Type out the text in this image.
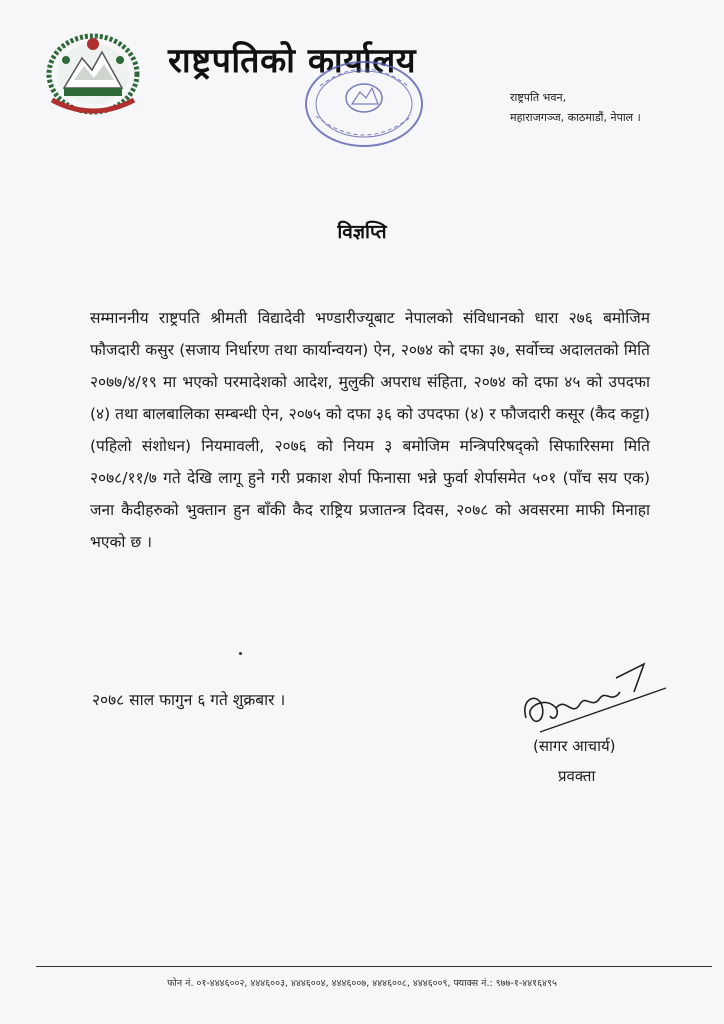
राष्ट्रपतिको कार्यालय
राष्ट्रपति भवन,
महाराजगञ्ज, काठमाडौं, नेपाल ।
विज्ञप्ति
सम्माननीय राष्ट्रपति श्रीमती विद्यादेवी भण्डारीज्यूबाट नेपालको संविधानको धारा २७६ बमोजिम फौजदारी कसुर (सजाय निर्धारण तथा कार्यान्वयन) ऐन, २०७४ को दफा ३७, सर्वोच्च अदालतको मिति २०७७/४/१९ मा भएको परमादेशको आदेश, मुलुकी अपराध संहिता, २०७४ को दफा ४५ को उपदफा (४) तथा बालबालिका सम्बन्धी ऐन, २०७५ को दफा ३६ को उपदफा (४) र फौजदारी कसूर (कैद कट्टा) (पहिलो संशोधन) नियमावली, २०७६ को नियम ३ बमोजिम मन्त्रिपरिषद्को सिफारिसमा मिति २०७८/११/७ गते देखि लागू हुने गरी प्रकाश शेर्पा फिनासा भन्ने फुर्वा शेर्पासमेत ५०१ (पाँच सय एक) जना कैदीहरुको भुक्तान हुन बाँकी कैद राष्ट्रिय प्रजातन्त्र दिवस, २०७८ को अवसरमा माफी मिनाहा भएको छ ।
२०७८ साल फागुन ६ गते शुक्रबार ।
(सागर आचार्य)
प्रवक्ता
फोन नं. ०१-४४४६००२, ४४४६००३, ४४४६००४, ४४४६००७, ४४४६००८, ४४४६००९, फ्याक्स नं.: ९७७-१-४४१६४९५
